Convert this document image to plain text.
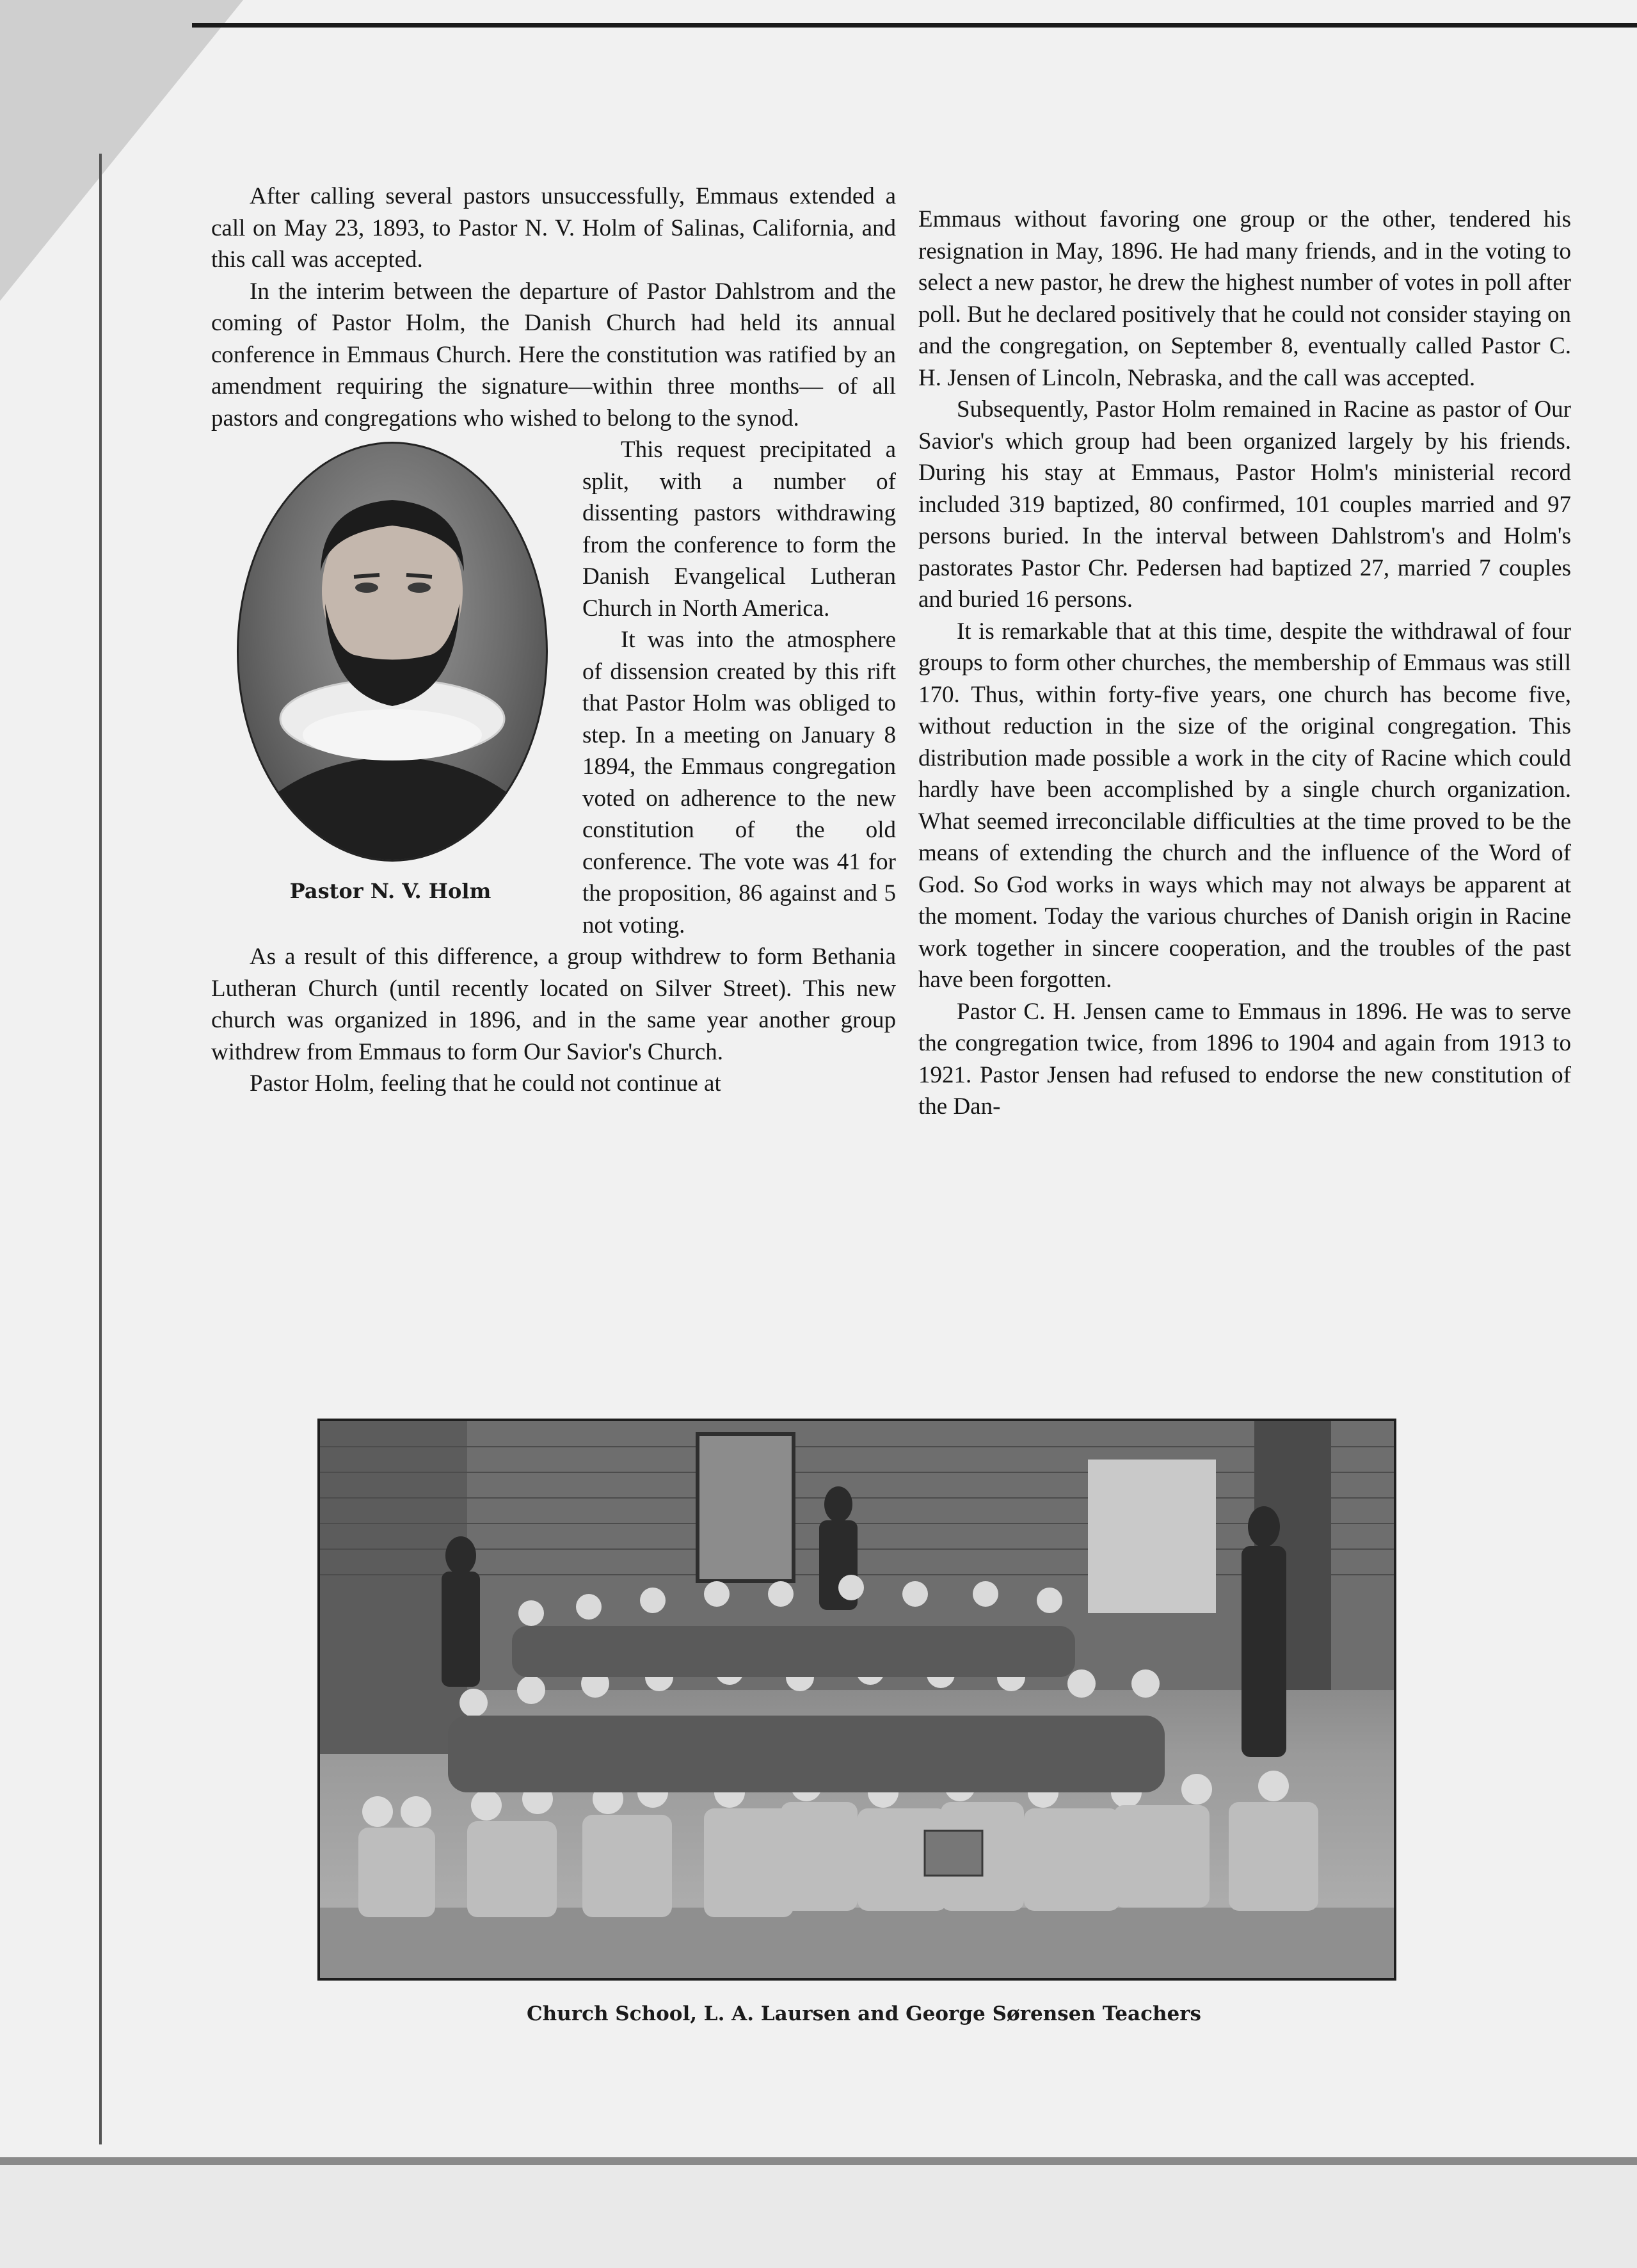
After calling several pastors unsuccessfully, Emmaus extended a call on May 23, 1893, to Pastor N. V. Holm of Salinas, California, and this call was accepted.

In the interim between the departure of Pastor Dahlstrom and the coming of Pastor Holm, the Danish Church had held its annual conference in Emmaus Church. Here the constitution was ratified by an amendment requiring the signature—within three months— of all pastors and congregations who wished to belong to the synod.

Pastor N. V. Holm

This request precipitated a split, with a number of dissenting pastors withdrawing from the conference to form the Danish Evangelical Lutheran Church in North America.

It was into the atmosphere of dissension created by this rift that Pastor Holm was obliged to step. In a meeting on January 8 1894, the Emmaus congregation voted on adherence to the new constitution of the old conference. The vote was 41 for the proposition, 86 against and 5 not voting.

As a result of this difference, a group withdrew to form Bethania Lutheran Church (until recently located on Silver Street). This new church was organized in 1896, and in the same year another group withdrew from Emmaus to form Our Savior's Church.

Pastor Holm, feeling that he could not continue at

Emmaus without favoring one group or the other, tendered his resignation in May, 1896. He had many friends, and in the voting to select a new pastor, he drew the highest number of votes in poll after poll. But he declared positively that he could not consider staying on and the congregation, on September 8, eventually called Pastor C. H. Jensen of Lincoln, Nebraska, and the call was accepted.

Subsequently, Pastor Holm remained in Racine as pastor of Our Savior's which group had been organized largely by his friends. During his stay at Emmaus, Pastor Holm's ministerial record included 319 baptized, 80 confirmed, 101 couples married and 97 persons buried. In the interval between Dahlstrom's and Holm's pastorates Pastor Chr. Pedersen had baptized 27, married 7 couples and buried 16 persons.

It is remarkable that at this time, despite the withdrawal of four groups to form other churches, the membership of Emmaus was still 170. Thus, within forty-five years, one church has become five, without reduction in the size of the original congregation. This distribution made possible a work in the city of Racine which could hardly have been accomplished by a single church organization. What seemed irreconcilable difficulties at the time proved to be the means of extending the church and the influence of the Word of God. So God works in ways which may not always be apparent at the moment. Today the various churches of Danish origin in Racine work together in sincere cooperation, and the troubles of the past have been forgotten.

Pastor C. H. Jensen came to Emmaus in 1896. He was to serve the congregation twice, from 1896 to 1904 and again from 1913 to 1921. Pastor Jensen had refused to endorse the new constitution of the Dan-

Church School, L. A. Laursen and George Sørensen Teachers
